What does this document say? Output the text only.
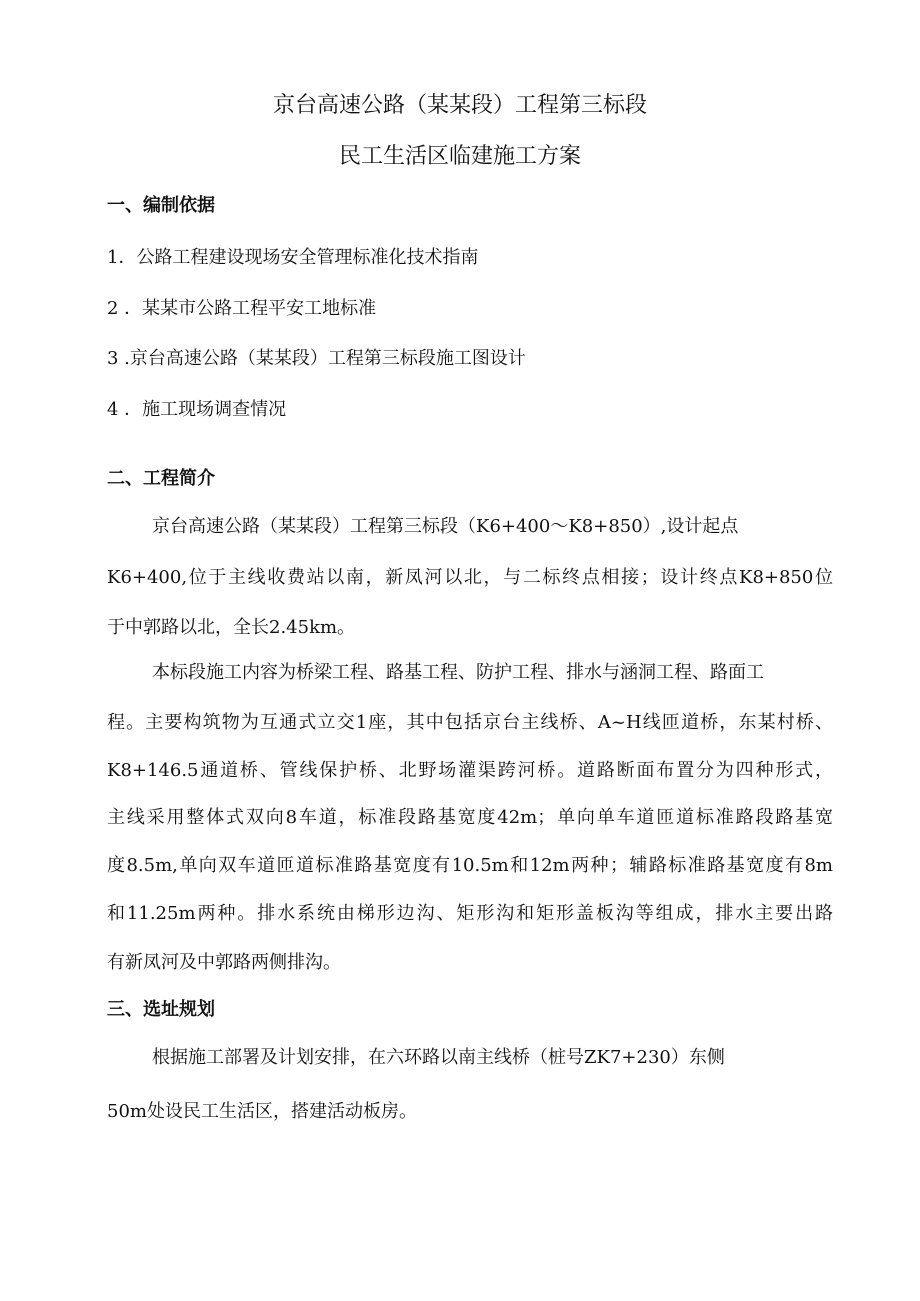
京台高速公路（某某段）工程第三标段
民工生活区临建施工方案
一、编制依据
1．公路工程建设现场安全管理标准化技术指南
2 ．某某市公路工程平安工地标准
3 .京台高速公路（某某段）工程第三标段施工图设计
4 ．施工现场调查情况
二、工程简介
京台高速公路（某某段）工程第三标段（K6+400～K8+850）,设计起点
K6+400,位于主线收费站以南，新凤河以北，与二标终点相接；设计终点K8+850位
于中郭路以北，全长2.45km。
本标段施工内容为桥梁工程、路基工程、防护工程、排水与涵洞工程、路面工
程。主要构筑物为互通式立交1座，其中包括京台主线桥、A~H线匝道桥，东某村桥、
K8+146.5通道桥、管线保护桥、北野场灌渠跨河桥。道路断面布置分为四种形式，
主线采用整体式双向8车道，标准段路基宽度42m；单向单车道匝道标准路段路基宽
度8.5m,单向双车道匝道标准路基宽度有10.5m和12m两种；辅路标准路基宽度有8m
和11.25m两种。排水系统由梯形边沟、矩形沟和矩形盖板沟等组成，排水主要出路
有新凤河及中郭路两侧排沟。
三、选址规划
根据施工部署及计划安排，在六环路以南主线桥（桩号ZK7+230）东侧
50m处设民工生活区，搭建活动板房。
